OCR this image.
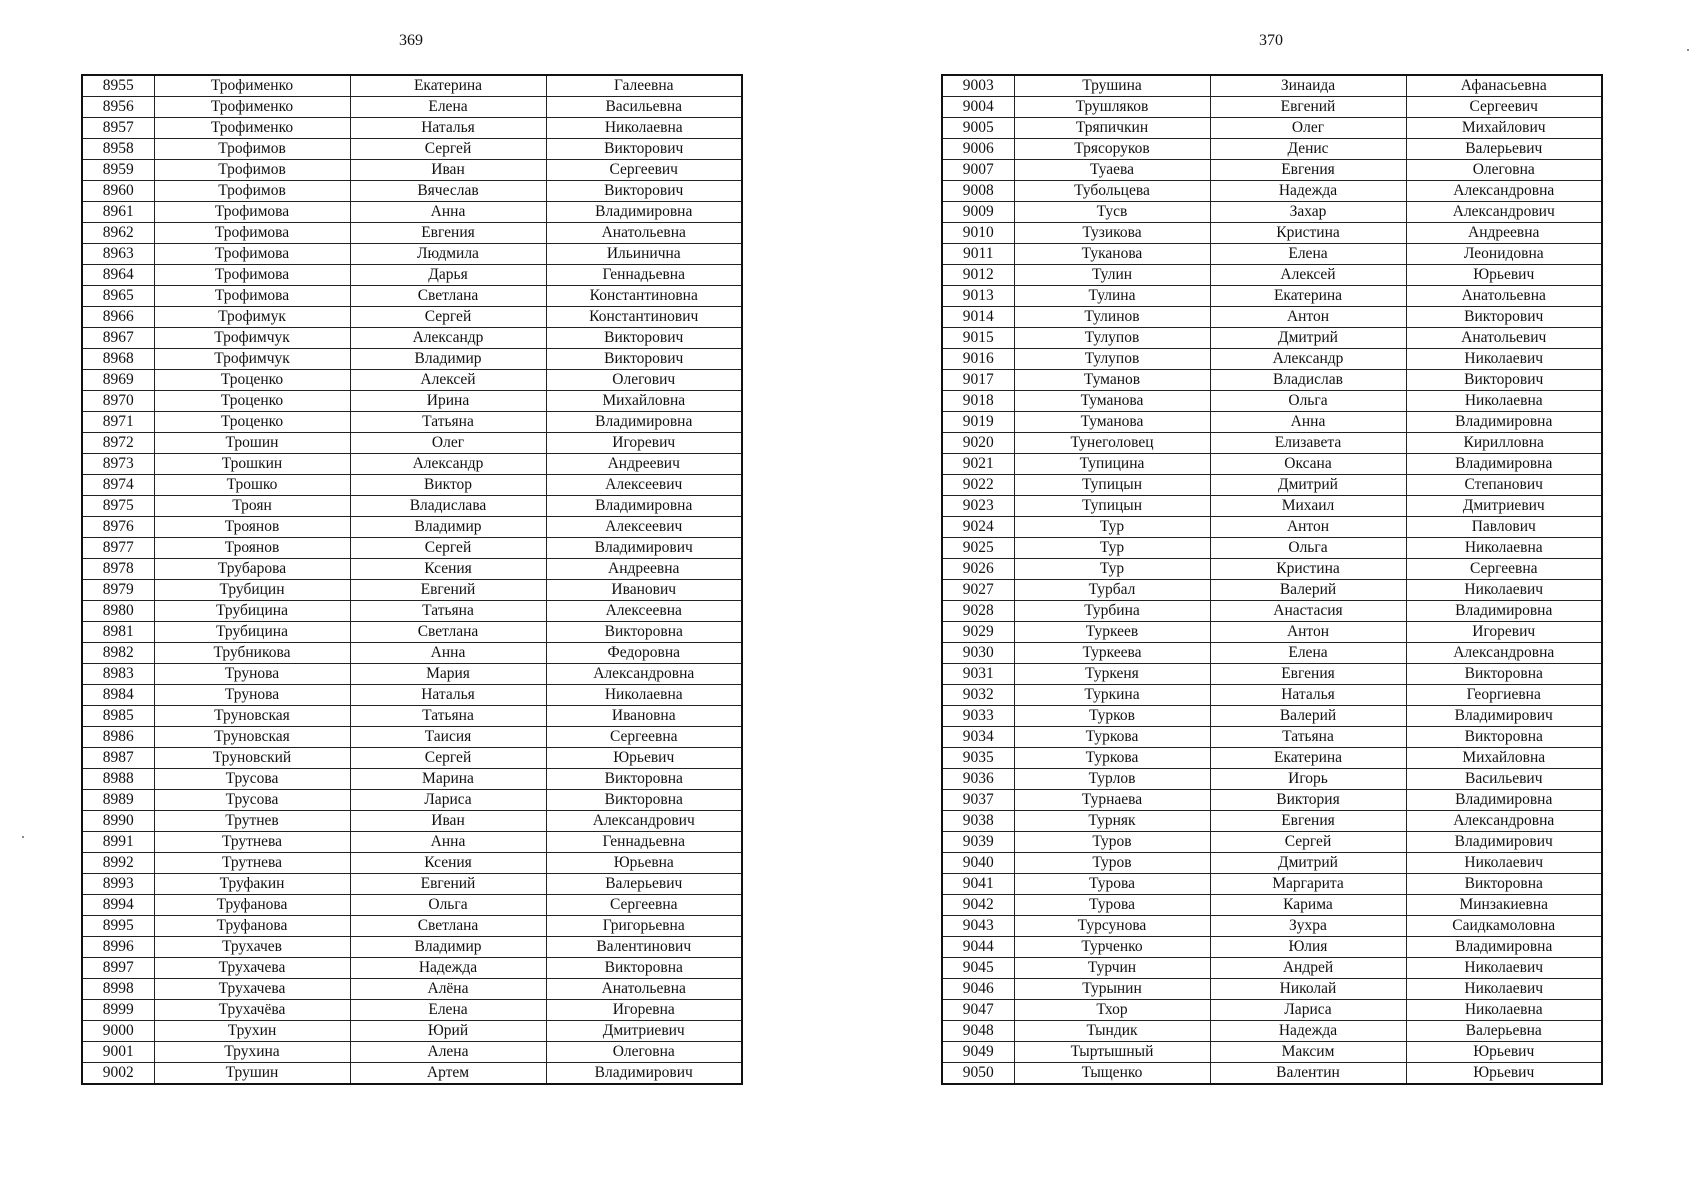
369
8955	Трофименко	Екатерина	Галеевна
8956	Трофименко	Елена	Васильевна
8957	Трофименко	Наталья	Николаевна
8958	Трофимов	Сергей	Викторович
8959	Трофимов	Иван	Сергеевич
8960	Трофимов	Вячеслав	Викторович
8961	Трофимова	Анна	Владимировна
8962	Трофимова	Евгения	Анатольевна
8963	Трофимова	Людмила	Ильинична
8964	Трофимова	Дарья	Геннадьевна
8965	Трофимова	Светлана	Константиновна
8966	Трофимук	Сергей	Константинович
8967	Трофимчук	Александр	Викторович
8968	Трофимчук	Владимир	Викторович
8969	Троценко	Алексей	Олегович
8970	Троценко	Ирина	Михайловна
8971	Троценко	Татьяна	Владимировна
8972	Трошин	Олег	Игоревич
8973	Трошкин	Александр	Андреевич
8974	Трошко	Виктор	Алексеевич
8975	Троян	Владислава	Владимировна
8976	Троянов	Владимир	Алексеевич
8977	Троянов	Сергей	Владимирович
8978	Трубарова	Ксения	Андреевна
8979	Трубицин	Евгений	Иванович
8980	Трубицина	Татьяна	Алексеевна
8981	Трубицина	Светлана	Викторовна
8982	Трубникова	Анна	Федоровна
8983	Трунова	Мария	Александровна
8984	Трунова	Наталья	Николаевна
8985	Труновская	Татьяна	Ивановна
8986	Труновская	Таисия	Сергеевна
8987	Труновский	Сергей	Юрьевич
8988	Трусова	Марина	Викторовна
8989	Трусова	Лариса	Викторовна
8990	Трутнев	Иван	Александрович
8991	Трутнева	Анна	Геннадьевна
8992	Трутнева	Ксения	Юрьевна
8993	Труфакин	Евгений	Валерьевич
8994	Труфанова	Ольга	Сергеевна
8995	Труфанова	Светлана	Григорьевна
8996	Трухачев	Владимир	Валентинович
8997	Трухачева	Надежда	Викторовна
8998	Трухачева	Алёна	Анатольевна
8999	Трухачёва	Елена	Игоревна
9000	Трухин	Юрий	Дмитриевич
9001	Трухина	Алена	Олеговна
9002	Трушин	Артем	Владимирович
370
9003	Трушина	Зинаида	Афанасьевна
9004	Трушляков	Евгений	Сергеевич
9005	Тряпичкин	Олег	Михайлович
9006	Трясоруков	Денис	Валерьевич
9007	Туаева	Евгения	Олеговна
9008	Тубольцева	Надежда	Александровна
9009	Тусв	Захар	Александрович
9010	Тузикова	Кристина	Андреевна
9011	Туканова	Елена	Леонидовна
9012	Тулин	Алексей	Юрьевич
9013	Тулина	Екатерина	Анатольевна
9014	Тулинов	Антон	Викторович
9015	Тулупов	Дмитрий	Анатольевич
9016	Тулупов	Александр	Николаевич
9017	Туманов	Владислав	Викторович
9018	Туманова	Ольга	Николаевна
9019	Туманова	Анна	Владимировна
9020	Тунеголовец	Елизавета	Кирилловна
9021	Тупицина	Оксана	Владимировна
9022	Тупицын	Дмитрий	Степанович
9023	Тупицын	Михаил	Дмитриевич
9024	Тур	Антон	Павлович
9025	Тур	Ольга	Николаевна
9026	Тур	Кристина	Сергеевна
9027	Турбал	Валерий	Николаевич
9028	Турбина	Анастасия	Владимировна
9029	Туркеев	Антон	Игоревич
9030	Туркеева	Елена	Александровна
9031	Туркеня	Евгения	Викторовна
9032	Туркина	Наталья	Георгиевна
9033	Турков	Валерий	Владимирович
9034	Туркова	Татьяна	Викторовна
9035	Туркова	Екатерина	Михайловна
9036	Турлов	Игорь	Васильевич
9037	Турнаева	Виктория	Владимировна
9038	Турняк	Евгения	Александровна
9039	Туров	Сергей	Владимирович
9040	Туров	Дмитрий	Николаевич
9041	Турова	Маргарита	Викторовна
9042	Турова	Карима	Минзакиевна
9043	Турсунова	Зухра	Саидкамоловна
9044	Турченко	Юлия	Владимировна
9045	Турчин	Андрей	Николаевич
9046	Турынин	Николай	Николаевич
9047	Тхор	Лариса	Николаевна
9048	Тындик	Надежда	Валерьевна
9049	Тыртышный	Максим	Юрьевич
9050	Тыщенко	Валентин	Юрьевич
